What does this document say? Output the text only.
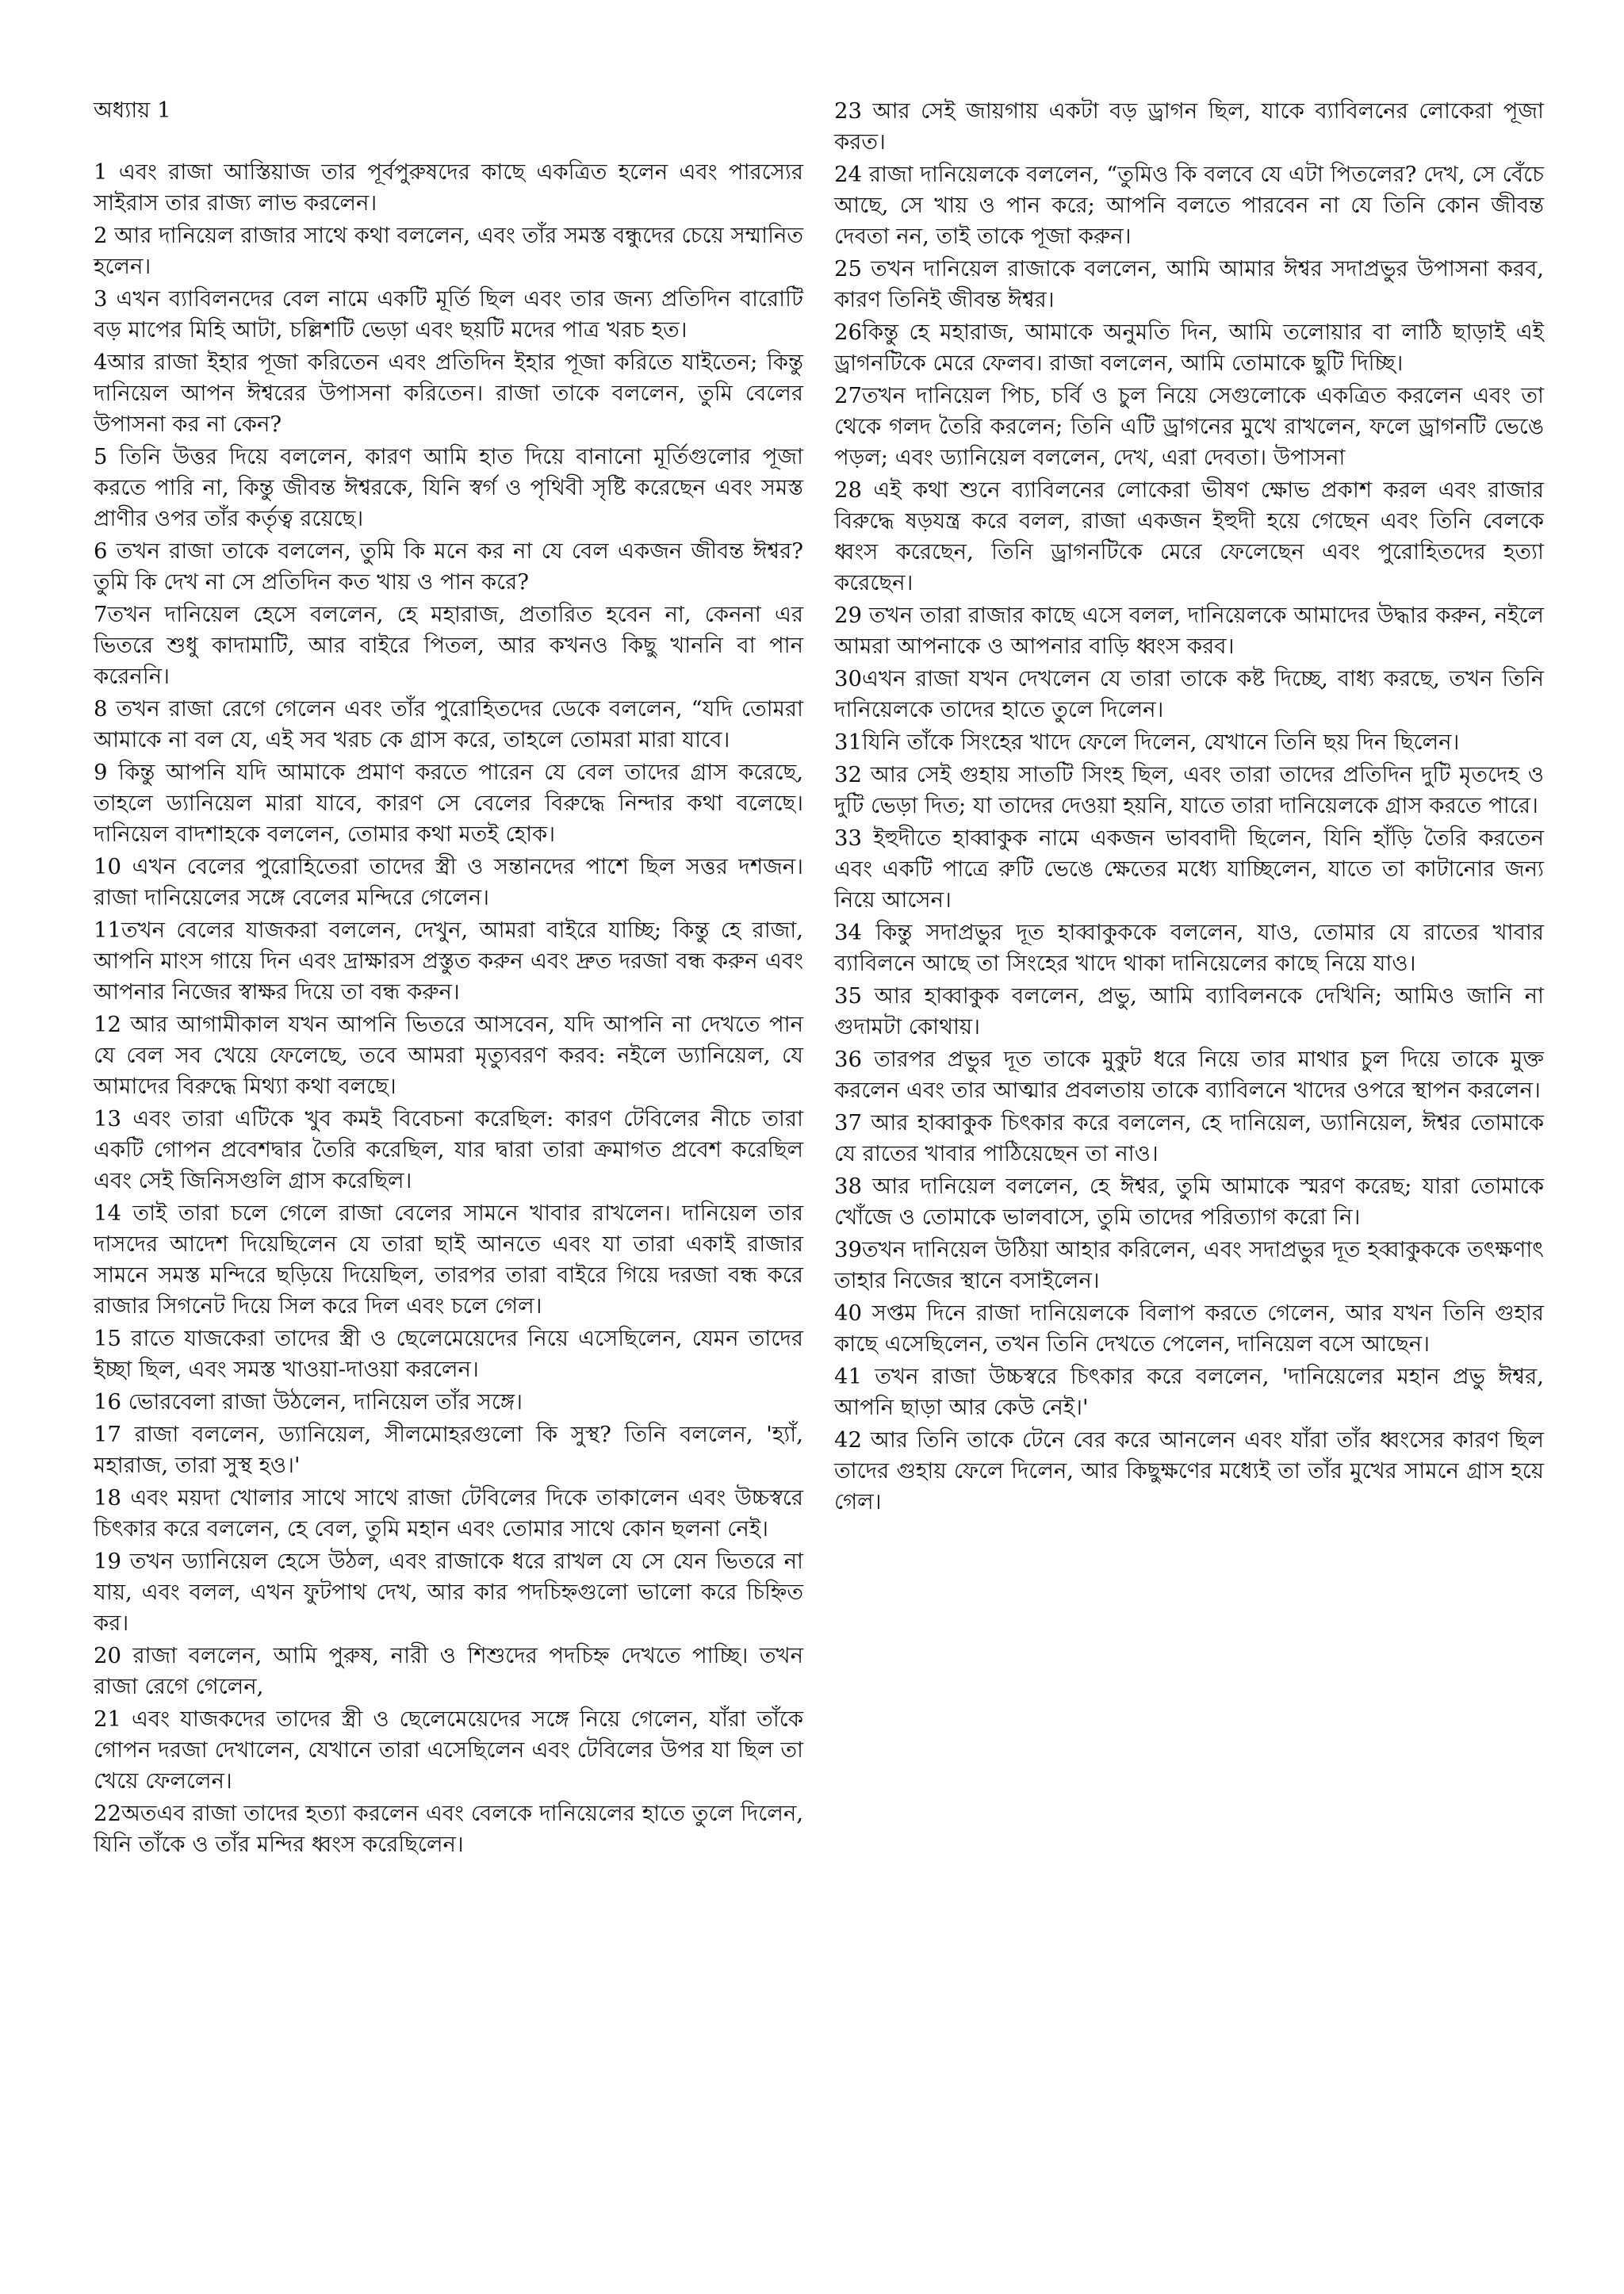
অধ্যায় 1

1 এবং রাজা আস্তিয়াজ তার পূর্বপুরুষদের কাছে একত্রিত হলেন এবং পারস্যের সাইরাস তার রাজ্য লাভ করলেন।

2 আর দানিয়েল রাজার সাথে কথা বললেন, এবং তাঁর সমস্ত বন্ধুদের চেয়ে সম্মানিত হলেন।

3 এখন ব্যাবিলনদের বেল নামে একটি মূর্তি ছিল এবং তার জন্য প্রতিদিন বারোটি বড় মাপের মিহি আটা, চল্লিশটি ভেড়া এবং ছয়টি মদের পাত্র খরচ হত।

4আর রাজা ইহার পূজা করিতেন এবং প্রতিদিন ইহার পূজা করিতে যাইতেন; কিন্তু দানিয়েল আপন ঈশ্বরের উপাসনা করিতেন। রাজা তাকে বললেন, তুমি বেলের উপাসনা কর না কেন?

5 তিনি উত্তর দিয়ে বললেন, কারণ আমি হাত দিয়ে বানানো মূর্তিগুলোর পূজা করতে পারি না, কিন্তু জীবন্ত ঈশ্বরকে, যিনি স্বর্গ ও পৃথিবী সৃষ্টি করেছেন এবং সমস্ত প্রাণীর ওপর তাঁর কর্তৃত্ব রয়েছে।

6 তখন রাজা তাকে বললেন, তুমি কি মনে কর না যে বেল একজন জীবন্ত ঈশ্বর? তুমি কি দেখ না সে প্রতিদিন কত খায় ও পান করে?

7তখন দানিয়েল হেসে বললেন, হে মহারাজ, প্রতারিত হবেন না, কেননা এর ভিতরে শুধু কাদামাটি, আর বাইরে পিতল, আর কখনও কিছু খাননি বা পান করেননি।

8 তখন রাজা রেগে গেলেন এবং তাঁর পুরোহিতদের ডেকে বললেন, “যদি তোমরা আমাকে না বল যে, এই সব খরচ কে গ্রাস করে, তাহলে তোমরা মারা যাবে।

9 কিন্তু আপনি যদি আমাকে প্রমাণ করতে পারেন যে বেল তাদের গ্রাস করেছে, তাহলে ড্যানিয়েল মারা যাবে, কারণ সে বেলের বিরুদ্ধে নিন্দার কথা বলেছে। দানিয়েল বাদশাহকে বললেন, তোমার কথা মতই হোক।

10 এখন বেলের পুরোহিতেরা তাদের স্ত্রী ও সন্তানদের পাশে ছিল সত্তর দশজন। রাজা দানিয়েলের সঙ্গে বেলের মন্দিরে গেলেন।

11তখন বেলের যাজকরা বললেন, দেখুন, আমরা বাইরে যাচ্ছি; কিন্তু হে রাজা, আপনি মাংস গায়ে দিন এবং দ্রাক্ষারস প্রস্তুত করুন এবং দ্রুত দরজা বন্ধ করুন এবং আপনার নিজের স্বাক্ষর দিয়ে তা বন্ধ করুন।

12 আর আগামীকাল যখন আপনি ভিতরে আসবেন, যদি আপনি না দেখতে পান যে বেল সব খেয়ে ফেলেছে, তবে আমরা মৃত্যুবরণ করব: নইলে ড্যানিয়েল, যে আমাদের বিরুদ্ধে মিথ্যা কথা বলছে।

13 এবং তারা এটিকে খুব কমই বিবেচনা করেছিল: কারণ টেবিলের নীচে তারা একটি গোপন প্রবেশদ্বার তৈরি করেছিল, যার দ্বারা তারা ক্রমাগত প্রবেশ করেছিল এবং সেই জিনিসগুলি গ্রাস করেছিল।

14 তাই তারা চলে গেলে রাজা বেলের সামনে খাবার রাখলেন। দানিয়েল তার দাসদের আদেশ দিয়েছিলেন যে তারা ছাই আনতে এবং যা তারা একাই রাজার সামনে সমস্ত মন্দিরে ছড়িয়ে দিয়েছিল, তারপর তারা বাইরে গিয়ে দরজা বন্ধ করে রাজার সিগনেট দিয়ে সিল করে দিল এবং চলে গেল।

15 রাতে যাজকেরা তাদের স্ত্রী ও ছেলেমেয়েদের নিয়ে এসেছিলেন, যেমন তাদের ইচ্ছা ছিল, এবং সমস্ত খাওয়া-দাওয়া করলেন।

16 ভোরবেলা রাজা উঠলেন, দানিয়েল তাঁর সঙ্গে।

17 রাজা বললেন, ড্যানিয়েল, সীলমোহরগুলো কি সুস্থ? তিনি বললেন, 'হ্যাঁ, মহারাজ, তারা সুস্থ হও।'

18 এবং ময়দা খোলার সাথে সাথে রাজা টেবিলের দিকে তাকালেন এবং উচ্চস্বরে চিৎকার করে বললেন, হে বেল, তুমি মহান এবং তোমার সাথে কোন ছলনা নেই।

19 তখন ড্যানিয়েল হেসে উঠল, এবং রাজাকে ধরে রাখল যে সে যেন ভিতরে না যায়, এবং বলল, এখন ফুটপাথ দেখ, আর কার পদচিহ্নগুলো ভালো করে চিহ্নিত কর।

20 রাজা বললেন, আমি পুরুষ, নারী ও শিশুদের পদচিহ্ন দেখতে পাচ্ছি। তখন রাজা রেগে গেলেন,

21 এবং যাজকদের তাদের স্ত্রী ও ছেলেমেয়েদের সঙ্গে নিয়ে গেলেন, যাঁরা তাঁকে গোপন দরজা দেখালেন, যেখানে তারা এসেছিলেন এবং টেবিলের উপর যা ছিল তা খেয়ে ফেললেন।

22অতএব রাজা তাদের হত্যা করলেন এবং বেলকে দানিয়েলের হাতে তুলে দিলেন, যিনি তাঁকে ও তাঁর মন্দির ধ্বংস করেছিলেন।

23 আর সেই জায়গায় একটা বড় ড্রাগন ছিল, যাকে ব্যাবিলনের লোকেরা পূজা করত।

24 রাজা দানিয়েলকে বললেন, “তুমিও কি বলবে যে এটা পিতলের? দেখ, সে বেঁচে আছে, সে খায় ও পান করে; আপনি বলতে পারবেন না যে তিনি কোন জীবন্ত দেবতা নন, তাই তাকে পূজা করুন।

25 তখন দানিয়েল রাজাকে বললেন, আমি আমার ঈশ্বর সদাপ্রভুর উপাসনা করব, কারণ তিনিই জীবন্ত ঈশ্বর।

26কিন্তু হে মহারাজ, আমাকে অনুমতি দিন, আমি তলোয়ার বা লাঠি ছাড়াই এই ড্রাগনটিকে মেরে ফেলব। রাজা বললেন, আমি তোমাকে ছুটি দিচ্ছি।

27তখন দানিয়েল পিচ, চর্বি ও চুল নিয়ে সেগুলোকে একত্রিত করলেন এবং তা থেকে গলদ তৈরি করলেন; তিনি এটি ড্রাগনের মুখে রাখলেন, ফলে ড্রাগনটি ভেঙে পড়ল; এবং ড্যানিয়েল বললেন, দেখ, এরা দেবতা। উপাসনা

28 এই কথা শুনে ব্যাবিলনের লোকেরা ভীষণ ক্ষোভ প্রকাশ করল এবং রাজার বিরুদ্ধে ষড়যন্ত্র করে বলল, রাজা একজন ইহুদী হয়ে গেছেন এবং তিনি বেলকে ধ্বংস করেছেন, তিনি ড্রাগনটিকে মেরে ফেলেছেন এবং পুরোহিতদের হত্যা করেছেন।

29 তখন তারা রাজার কাছে এসে বলল, দানিয়েলকে আমাদের উদ্ধার করুন, নইলে আমরা আপনাকে ও আপনার বাড়ি ধ্বংস করব।

30এখন রাজা যখন দেখলেন যে তারা তাকে কষ্ট দিচ্ছে, বাধ্য করছে, তখন তিনি দানিয়েলকে তাদের হাতে তুলে দিলেন।

31যিনি তাঁকে সিংহের খাদে ফেলে দিলেন, যেখানে তিনি ছয় দিন ছিলেন।

32 আর সেই গুহায় সাতটি সিংহ ছিল, এবং তারা তাদের প্রতিদিন দুটি মৃতদেহ ও দুটি ভেড়া দিত; যা তাদের দেওয়া হয়নি, যাতে তারা দানিয়েলকে গ্রাস করতে পারে।

33 ইহুদীতে হাব্বাকুক নামে একজন ভাববাদী ছিলেন, যিনি হাঁড়ি তৈরি করতেন এবং একটি পাত্রে রুটি ভেঙে ক্ষেতের মধ্যে যাচ্ছিলেন, যাতে তা কাটানোর জন্য নিয়ে আসেন।

34 কিন্তু সদাপ্রভুর দূত হাব্বাকুককে বললেন, যাও, তোমার যে রাতের খাবার ব্যাবিলনে আছে তা সিংহের খাদে থাকা দানিয়েলের কাছে নিয়ে যাও।

35 আর হাব্বাকুক বললেন, প্রভু, আমি ব্যাবিলনকে দেখিনি; আমিও জানি না গুদামটা কোথায়।

36 তারপর প্রভুর দূত তাকে মুকুট ধরে নিয়ে তার মাথার চুল দিয়ে তাকে মুক্ত করলেন এবং তার আত্মার প্রবলতায় তাকে ব্যাবিলনে খাদের ওপরে স্থাপন করলেন।

37 আর হাব্বাকুক চিৎকার করে বললেন, হে দানিয়েল, ড্যানিয়েল, ঈশ্বর তোমাকে যে রাতের খাবার পাঠিয়েছেন তা নাও।

38 আর দানিয়েল বললেন, হে ঈশ্বর, তুমি আমাকে স্মরণ করেছ; যারা তোমাকে খোঁজে ও তোমাকে ভালবাসে, তুমি তাদের পরিত্যাগ করো নি।

39তখন দানিয়েল উঠিয়া আহার করিলেন, এবং সদাপ্রভুর দূত হব্বাকুককে তৎক্ষণাৎ তাহার নিজের স্থানে বসাইলেন।

40 সপ্তম দিনে রাজা দানিয়েলকে বিলাপ করতে গেলেন, আর যখন তিনি গুহার কাছে এসেছিলেন, তখন তিনি দেখতে পেলেন, দানিয়েল বসে আছেন।

41 তখন রাজা উচ্চস্বরে চিৎকার করে বললেন, 'দানিয়েলের মহান প্রভু ঈশ্বর, আপনি ছাড়া আর কেউ নেই।'

42 আর তিনি তাকে টেনে বের করে আনলেন এবং যাঁরা তাঁর ধ্বংসের কারণ ছিল তাদের গুহায় ফেলে দিলেন, আর কিছুক্ষণের মধ্যেই তা তাঁর মুখের সামনে গ্রাস হয়ে গেল।
